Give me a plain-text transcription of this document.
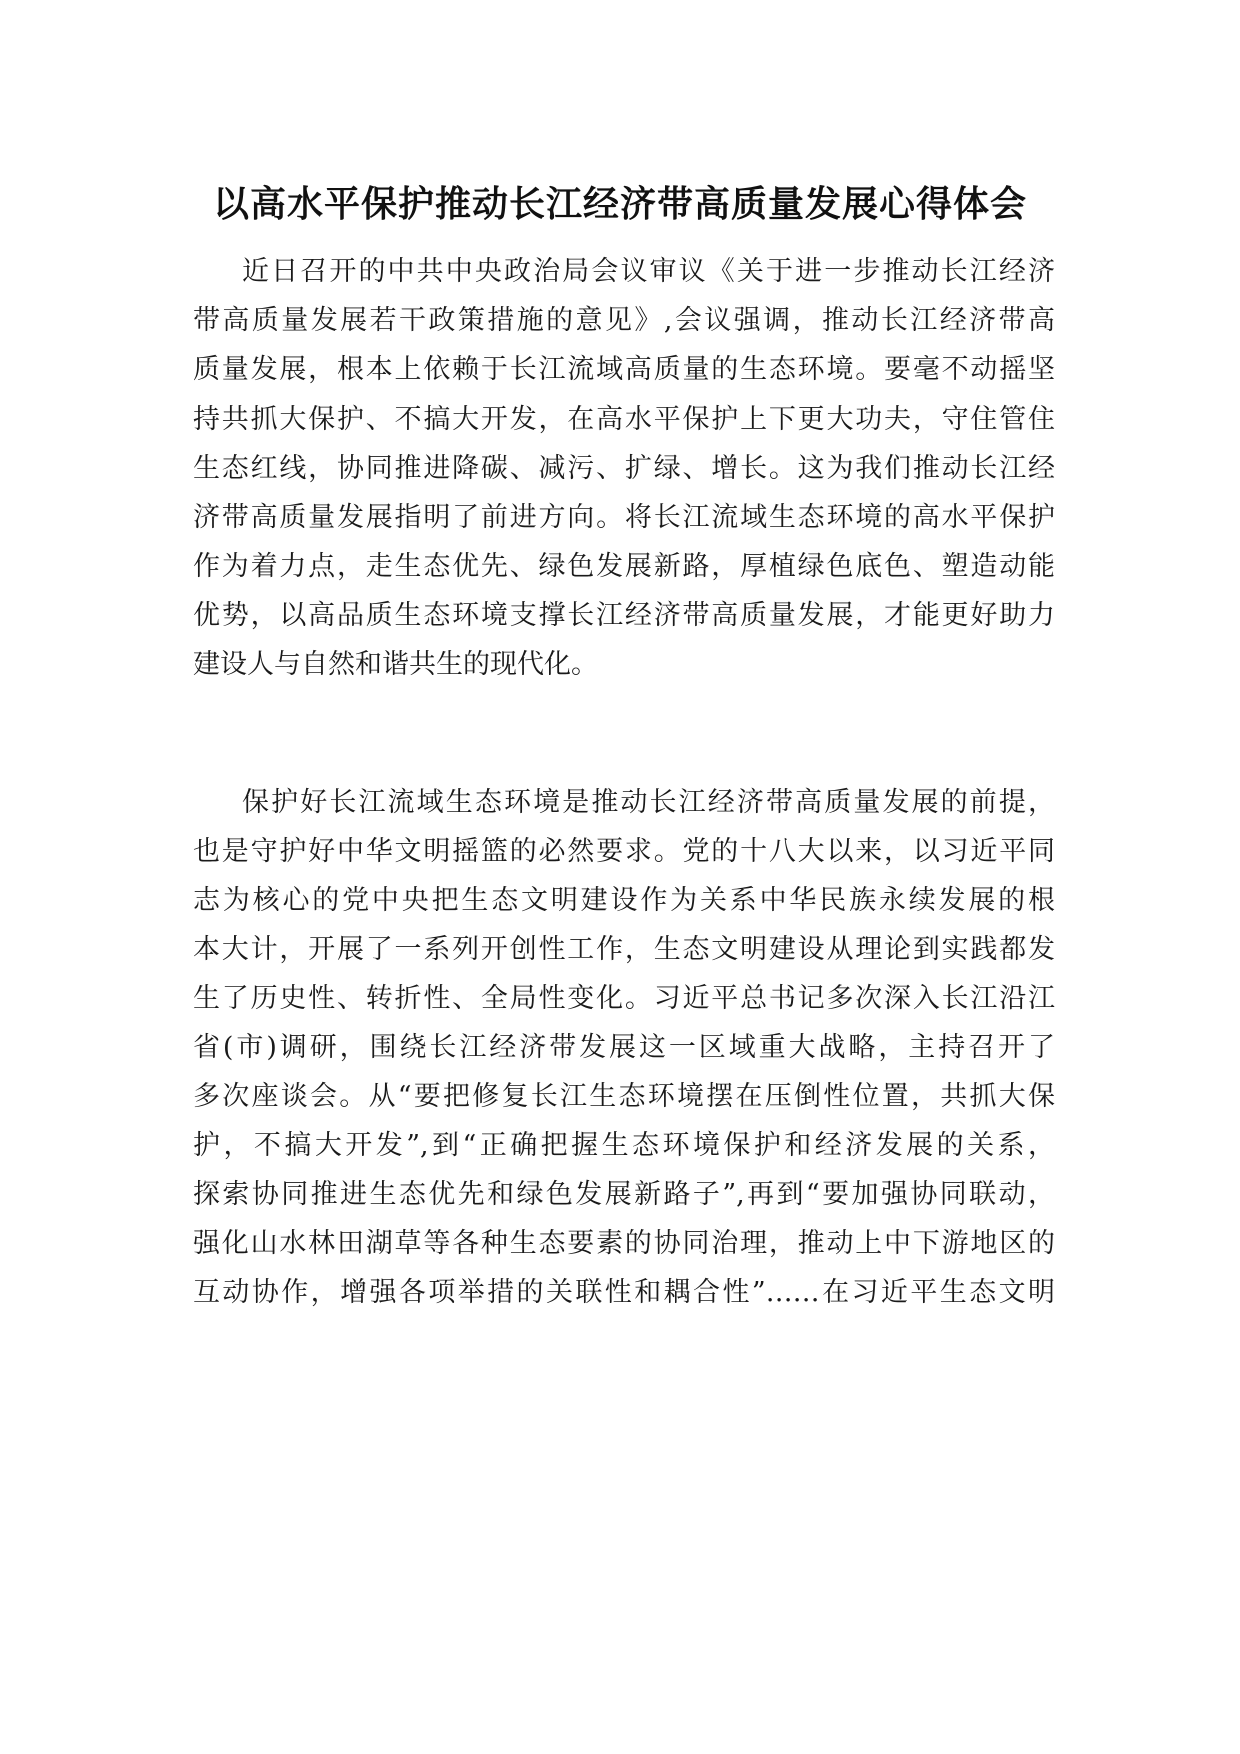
以高水平保护推动长江经济带高质量发展心得体会

近日召开的中共中央政治局会议审议《关于进一步推动长江经济

带高质量发展若干政策措施的意见》,会议强调，推动长江经济带高

质量发展，根本上依赖于长江流域高质量的生态环境。要毫不动摇坚

持共抓大保护、不搞大开发，在高水平保护上下更大功夫，守住管住

生态红线，协同推进降碳、减污、扩绿、增长。这为我们推动长江经

济带高质量发展指明了前进方向。将长江流域生态环境的高水平保护

作为着力点，走生态优先、绿色发展新路，厚植绿色底色、塑造动能

优势，以高品质生态环境支撑长江经济带高质量发展，才能更好助力

建设人与自然和谐共生的现代化。

保护好长江流域生态环境是推动长江经济带高质量发展的前提，

也是守护好中华文明摇篮的必然要求。党的十八大以来，以习近平同

志为核心的党中央把生态文明建设作为关系中华民族永续发展的根

本大计，开展了一系列开创性工作，生态文明建设从理论到实践都发

生了历史性、转折性、全局性变化。习近平总书记多次深入长江沿江

省(市)调研，围绕长江经济带发展这一区域重大战略，主持召开了

多次座谈会。从“要把修复长江生态环境摆在压倒性位置，共抓大保

护，不搞大开发”,到“正确把握生态环境保护和经济发展的关系，

探索协同推进生态优先和绿色发展新路子”,再到“要加强协同联动，

强化山水林田湖草等各种生态要素的协同治理，推动上中下游地区的

互动协作，增强各项举措的关联性和耦合性”……在习近平生态文明
